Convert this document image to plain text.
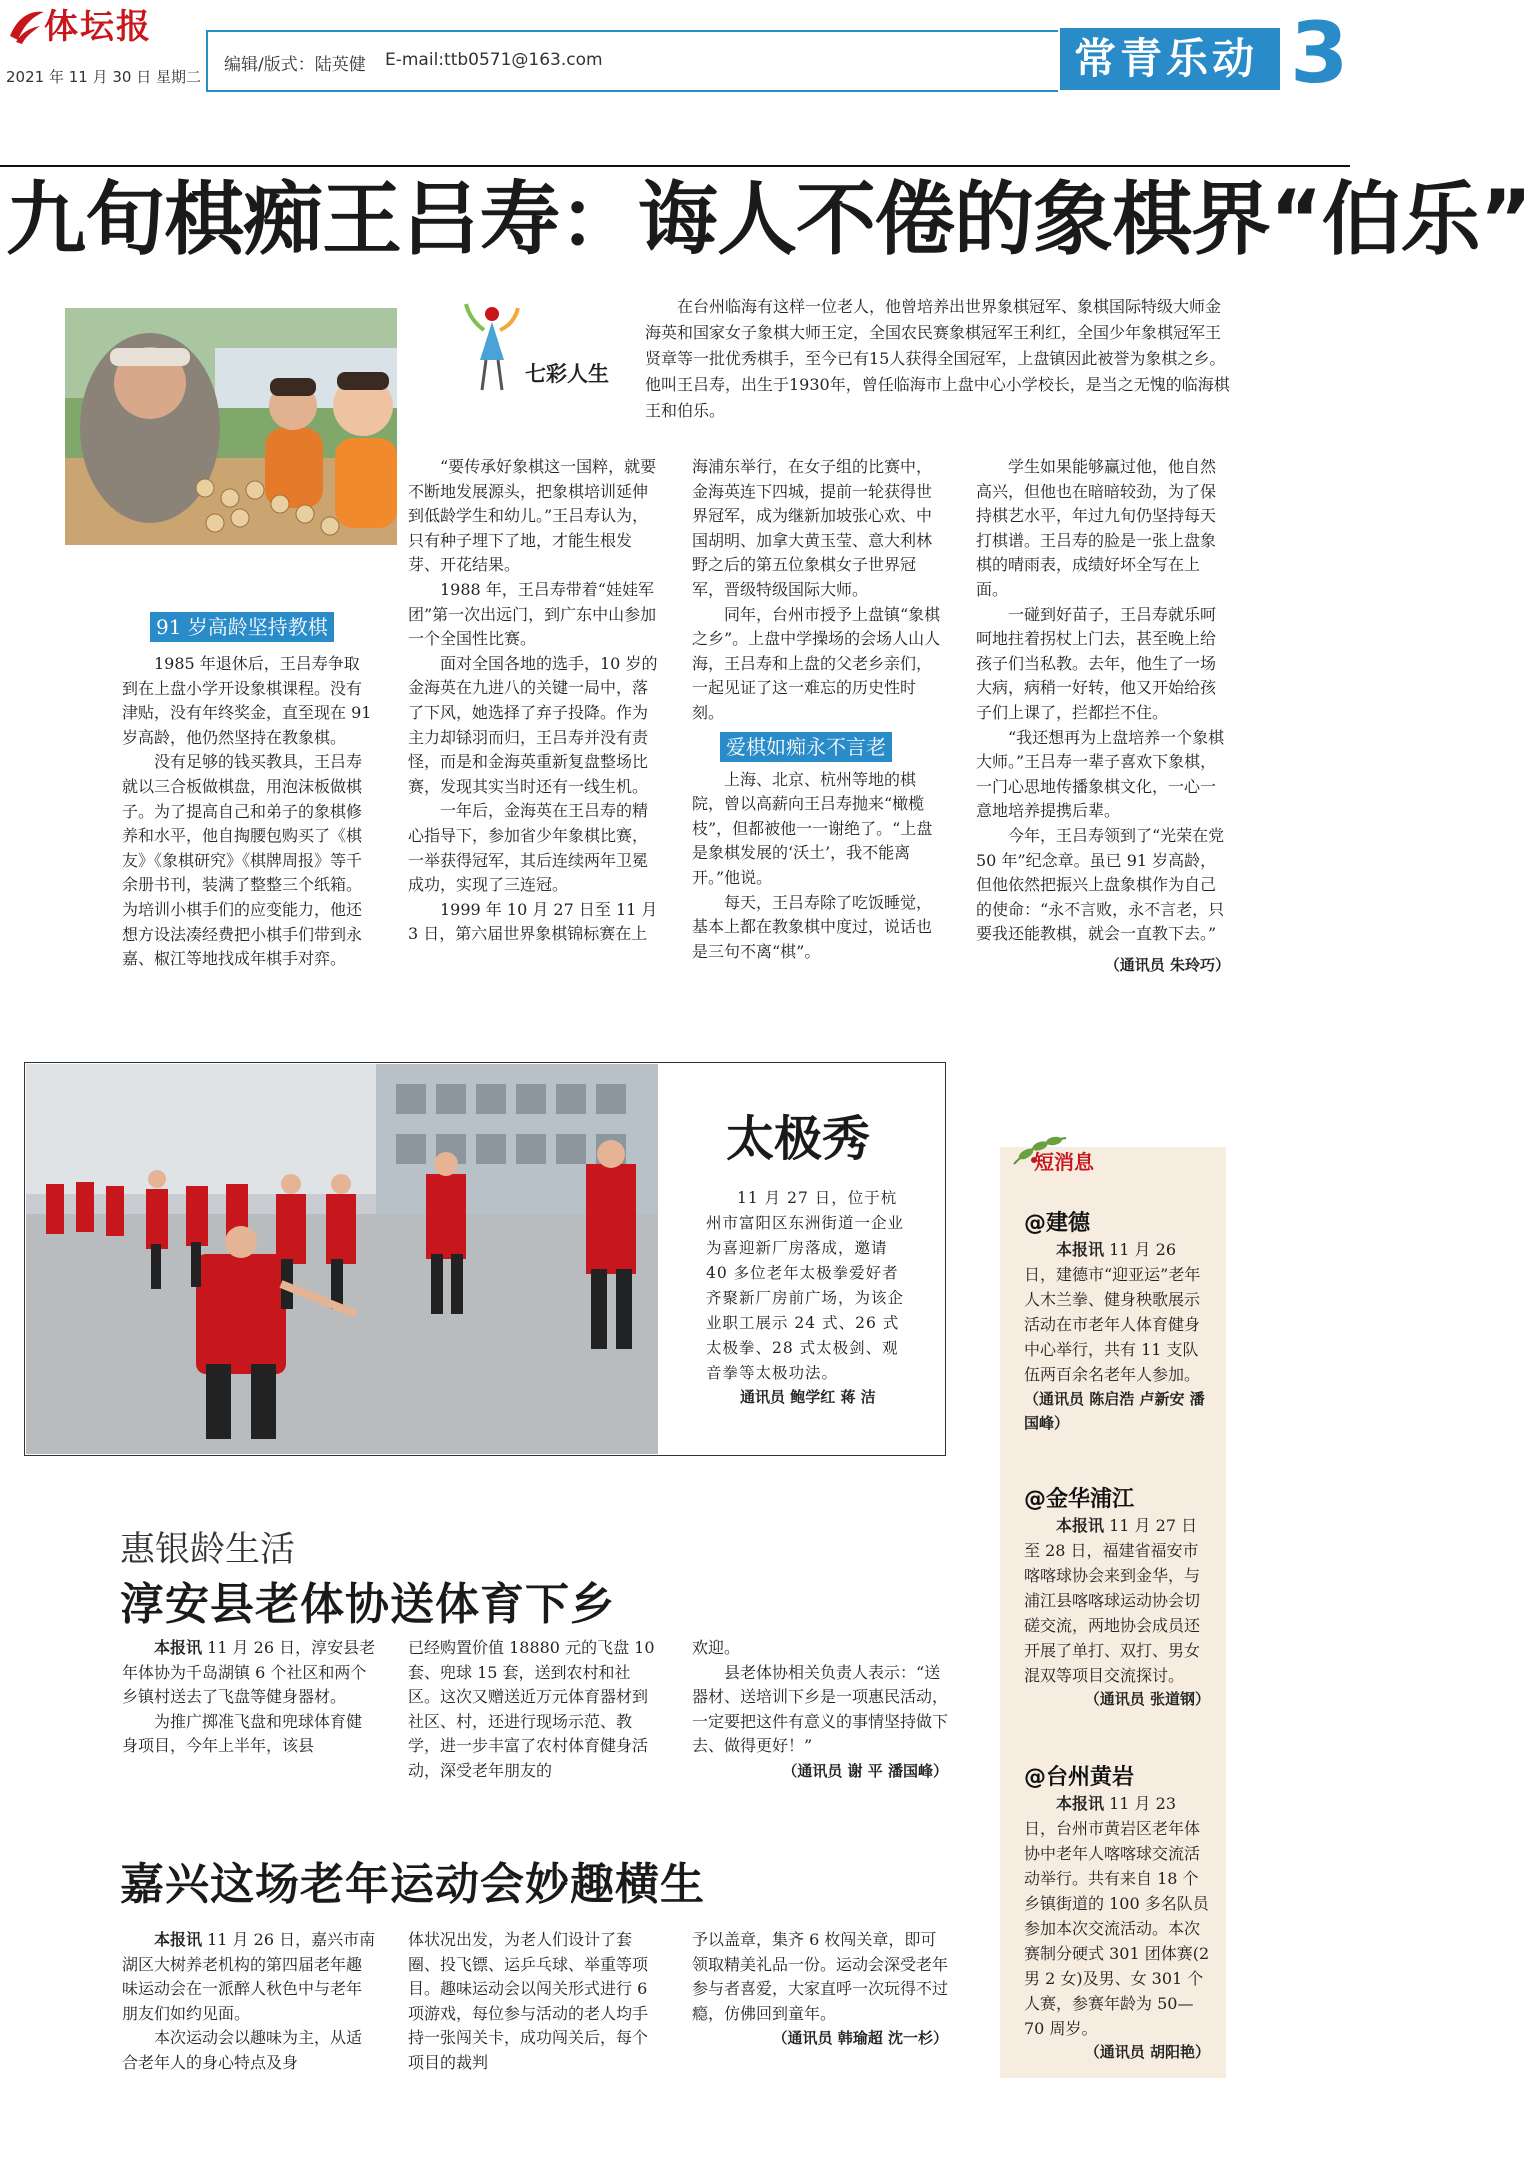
体坛报
2021 年 11 月 30 日 星期二
编辑/版式：陆英健 E-mail:ttb0571@163.com	常青乐动 3
九旬棋痴王吕寿：诲人不倦的象棋界“伯乐”
七彩人生

在台州临海有这样一位老人，他曾培养出世界象棋冠军、象棋国际特级大师金海英和国家女子象棋大师王定，全国农民赛象棋冠军王利红，全国少年象棋冠军王贤章等一批优秀棋手，至今已有15人获得全国冠军，上盘镇因此被誉为象棋之乡。他叫王吕寿，出生于1930年，曾任临海市上盘中心小学校长，是当之无愧的临海棋王和伯乐。

91 岁高龄坚持教棋

1985 年退休后，王吕寿争取到在上盘小学开设象棋课程。没有津贴，没有年终奖金，直至现在 91 岁高龄，他仍然坚持在教象棋。

没有足够的钱买教具，王吕寿就以三合板做棋盘，用泡沫板做棋子。为了提高自己和弟子的象棋修养和水平，他自掏腰包购买了《棋友》《象棋研究》《棋牌周报》等千余册书刊，装满了整整三个纸箱。为培训小棋手们的应变能力，他还想方设法凑经费把小棋手们带到永嘉、椒江等地找成年棋手对弈。

“要传承好象棋这一国粹，就要不断地发展源头，把象棋培训延伸到低龄学生和幼儿。”王吕寿认为，只有种子埋下了地，才能生根发芽、开花结果。

1988 年，王吕寿带着“娃娃军团”第一次出远门，到广东中山参加一个全国性比赛。

面对全国各地的选手，10 岁的金海英在九进八的关键一局中，落了下风，她选择了弃子投降。作为主力却铩羽而归，王吕寿并没有责怪，而是和金海英重新复盘整场比赛，发现其实当时还有一线生机。

一年后，金海英在王吕寿的精心指导下，参加省少年象棋比赛，一举获得冠军，其后连续两年卫冕成功，实现了三连冠。

1999 年 10 月 27 日至 11 月 3 日，第六届世界象棋锦标赛在上

海浦东举行，在女子组的比赛中，金海英连下四城，提前一轮获得世界冠军，成为继新加坡张心欢、中国胡明、加拿大黄玉莹、意大利林野之后的第五位象棋女子世界冠军，晋级特级国际大师。

同年，台州市授予上盘镇“象棋之乡”。上盘中学操场的会场人山人海，王吕寿和上盘的父老乡亲们，一起见证了这一难忘的历史性时刻。

爱棋如痴永不言老

上海、北京、杭州等地的棋院，曾以高薪向王吕寿抛来“橄榄枝”，但都被他一一谢绝了。“上盘是象棋发展的‘沃土’，我不能离开。”他说。

每天，王吕寿除了吃饭睡觉，基本上都在教象棋中度过，说话也是三句不离“棋”。

学生如果能够赢过他，他自然高兴，但他也在暗暗较劲，为了保持棋艺水平，年过九旬仍坚持每天打棋谱。王吕寿的脸是一张上盘象棋的晴雨表，成绩好坏全写在上面。

一碰到好苗子，王吕寿就乐呵呵地拄着拐杖上门去，甚至晚上给孩子们当私教。去年，他生了一场大病，病稍一好转，他又开始给孩子们上课了，拦都拦不住。

“我还想再为上盘培养一个象棋大师。”王吕寿一辈子喜欢下象棋，一门心思地传播象棋文化，一心一意地培养提携后辈。

今年，王吕寿领到了“光荣在党 50 年”纪念章。虽已 91 岁高龄，但他依然把振兴上盘象棋作为自己的使命：“永不言败，永不言老，只要我还能教棋，就会一直教下去。”

（通讯员 朱玲巧）
太极秀

11 月 27 日，位于杭州市富阳区东洲街道一企业为喜迎新厂房落成，邀请 40 多位老年太极拳爱好者齐聚新厂房前广场，为该企业职工展示 24 式、26 式太极拳、28 式太极剑、观音拳等太极功法。

通讯员 鲍学红 蒋 洁
短消息
@建德
本报讯 11 月 26 日，建德市“迎亚运”老年人木兰拳、健身秧歌展示活动在市老年人体育健身中心举行，共有 11 支队伍两百余名老年人参加。
（通讯员 陈启浩 卢新安 潘国峰）
@金华浦江
本报讯 11 月 27 日至 28 日，福建省福安市喀喀球协会来到金华，与浦江县喀喀球运动协会切磋交流，两地协会成员还开展了单打、双打、男女混双等项目交流探讨。
（通讯员 张道钢）
@台州黄岩
本报讯 11 月 23 日，台州市黄岩区老年体协中老年人喀喀球交流活动举行。共有来自 18 个乡镇街道的 100 多名队员参加本次交流活动。本次赛制分硬式 301 团体赛(2 男 2 女)及男、女 301 个人赛，参赛年龄为 50—70 周岁。
（通讯员 胡阳艳）
惠银龄生活
淳安县老体协送体育下乡

本报讯 11 月 26 日，淳安县老年体协为千岛湖镇 6 个社区和两个乡镇村送去了飞盘等健身器材。

为推广掷准飞盘和兜球体育健身项目，今年上半年，该县

已经购置价值 18880 元的飞盘 10 套、兜球 15 套，送到农村和社区。这次又赠送近万元体育器材到社区、村，还进行现场示范、教学，进一步丰富了农村体育健身活动，深受老年朋友的

欢迎。

县老体协相关负责人表示：“送器材、送培训下乡是一项惠民活动，一定要把这件有意义的事情坚持做下去、做得更好！”

（通讯员 谢 平 潘国峰）
嘉兴这场老年运动会妙趣横生

本报讯 11 月 26 日，嘉兴市南湖区大树养老机构的第四届老年趣味运动会在一派醉人秋色中与老年朋友们如约见面。

本次运动会以趣味为主，从适合老年人的身心特点及身

体状况出发，为老人们设计了套圈、投飞镖、运乒乓球、举重等项目。趣味运动会以闯关形式进行 6 项游戏，每位参与活动的老人均手持一张闯关卡，成功闯关后，每个项目的裁判

予以盖章，集齐 6 枚闯关章，即可领取精美礼品一份。运动会深受老年参与者喜爱，大家直呼一次玩得不过瘾，仿佛回到童年。

（通讯员 韩瑜超 沈一杉）
